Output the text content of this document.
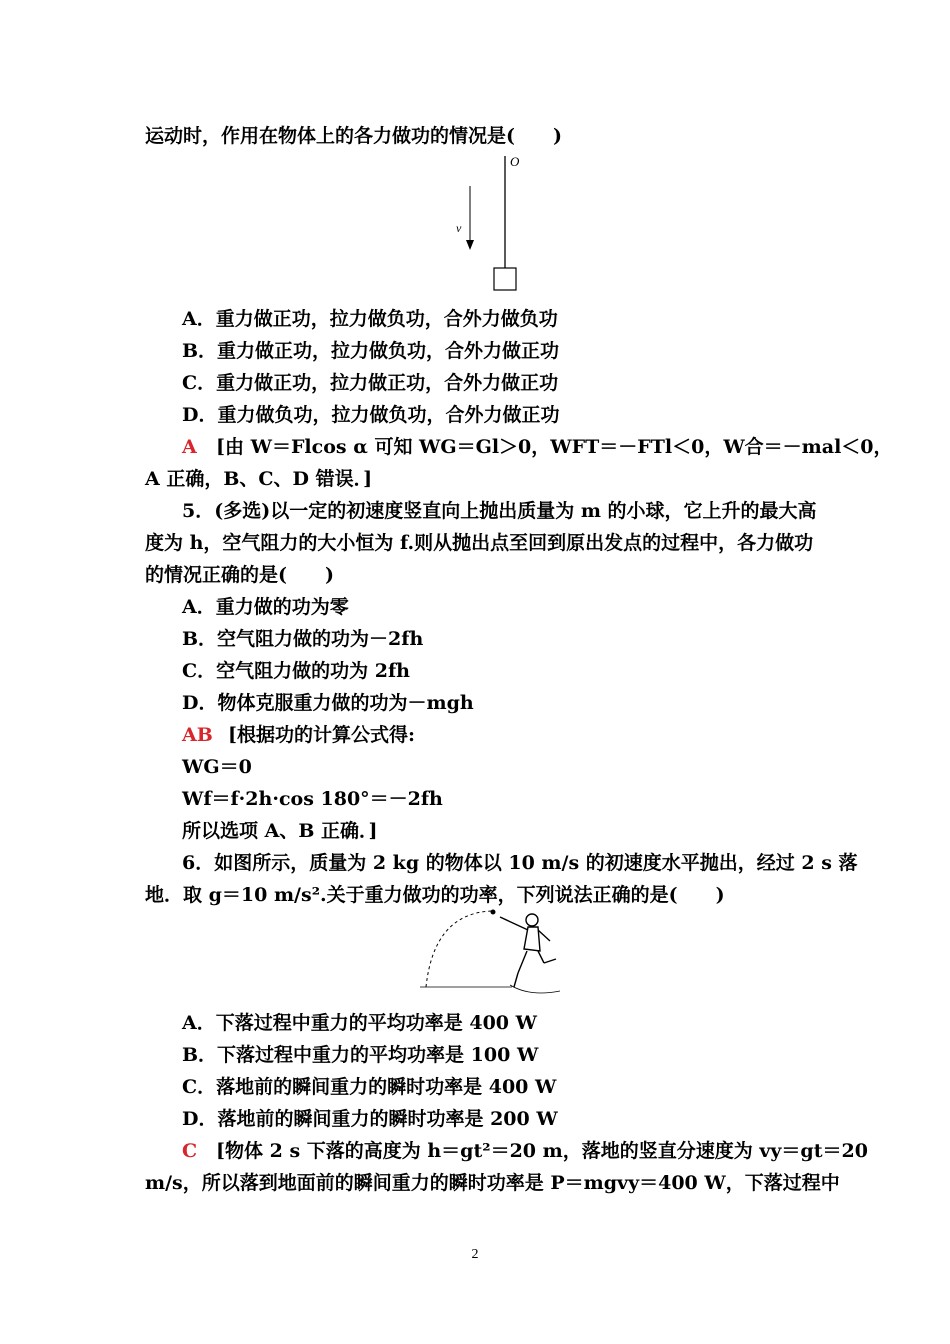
运动时，作用在物体上的各力做功的情况是(　　)
O
v
A．重力做正功，拉力做负功，合外力做负功
B．重力做正功，拉力做负功，合外力做正功
C．重力做正功，拉力做正功，合外力做正功
D．重力做负功，拉力做负功，合外力做正功
A [由 W＝Flcos α 可知 WG＝Gl＞0，WFT＝－FTl＜0，W合＝－mal＜0，
A 正确，B、C、D 错误．]
5．(多选)以一定的初速度竖直向上抛出质量为 m 的小球，它上升的最大高
度为 h，空气阻力的大小恒为 f.则从抛出点至回到原出发点的过程中，各力做功
的情况正确的是(　　)
A．重力做的功为零
B．空气阻力做的功为－2fh
C．空气阻力做的功为 2fh
D．物体克服重力做的功为－mgh
AB [根据功的计算公式得:
WG＝0
Wf＝f·2h·cos 180°＝－2fh
所以选项 A、B 正确．]
6．如图所示，质量为 2 kg 的物体以 10 m/s 的初速度水平抛出，经过 2 s 落
地．取 g＝10 m/s².关于重力做功的功率，下列说法正确的是(　　)
A．下落过程中重力的平均功率是 400 W
B．下落过程中重力的平均功率是 100 W
C．落地前的瞬间重力的瞬时功率是 400 W
D．落地前的瞬间重力的瞬时功率是 200 W
C [物体 2 s 下落的高度为 h＝gt²＝20 m，落地的竖直分速度为 vy＝gt＝20
m/s，所以落到地面前的瞬间重力的瞬时功率是 P＝mgvy＝400 W，下落过程中
2
